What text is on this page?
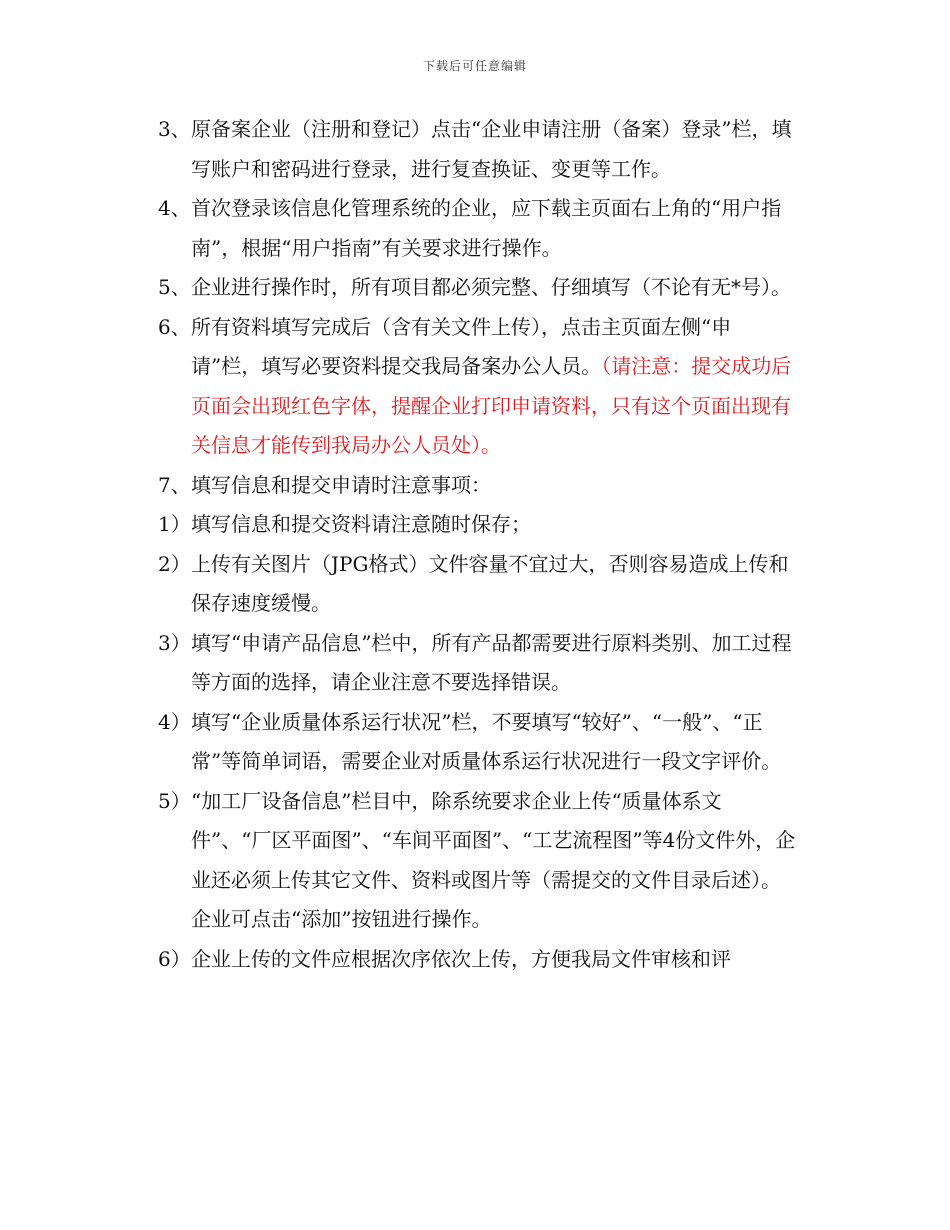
下载后可任意编辑

3、 原备案企业（注册和登记）点击“企业申请注册（备案）登录”栏，填写账户和密码进行登录，进行复查换证、变更等工作。

4、 首次登录该信息化管理系统的企业，应下载主页面右上角的“用户指南”，根据“用户指南”有关要求进行操作。

5、 企业进行操作时，所有项目都必须完整、仔细填写（不论有无*号）。

6、 所有资料填写完成后（含有关文件上传），点击主页面左侧“申请”栏，填写必要资料提交我局备案办公人员。（请注意：提交成功后页面会出现红色字体，提醒企业打印申请资料，只有这个页面出现有关信息才能传到我局办公人员处）。

7、 填写信息和提交申请时注意事项：

1） 填写信息和提交资料请注意随时保存；

2） 上传有关图片（JPG格式）文件容量不宜过大，否则容易造成上传和保存速度缓慢。

3） 填写“申请产品信息”栏中，所有产品都需要进行原料类别、加工过程等方面的选择，请企业注意不要选择错误。

4） 填写“企业质量体系运行状况”栏，不要填写“较好”、“一般”、“正常”等简单词语，需要企业对质量体系运行状况进行一段文字评价。

5） “加工厂设备信息”栏目中，除系统要求企业上传“质量体系文件”、“厂区平面图”、“车间平面图”、“工艺流程图”等4份文件外，企业还必须上传其它文件、资料或图片等（需提交的文件目录后述）。企业可点击“添加”按钮进行操作。

6） 企业上传的文件应根据次序依次上传，方便我局文件审核和评
